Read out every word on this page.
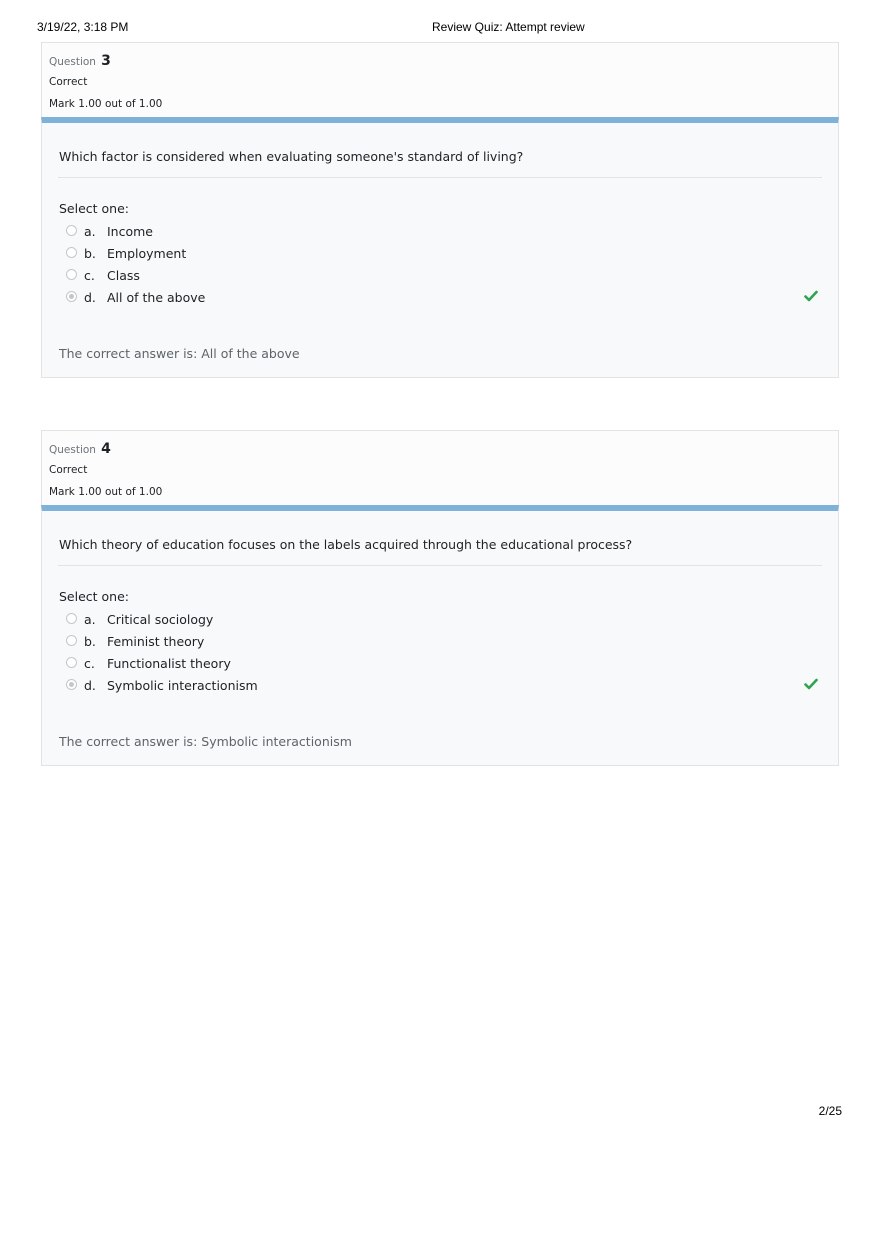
3/19/22, 3:18 PM	Review Quiz: Attempt review
Question 3
Correct
Mark 1.00 out of 1.00
Which factor is considered when evaluating someone's standard of living?
Select one:
a. Income
b. Employment
c. Class
d. All of the above
The correct answer is: All of the above
Question 4
Correct
Mark 1.00 out of 1.00
Which theory of education focuses on the labels acquired through the educational process?
Select one:
a. Critical sociology
b. Feminist theory
c. Functionalist theory
d. Symbolic interactionism
The correct answer is: Symbolic interactionism
2/25
